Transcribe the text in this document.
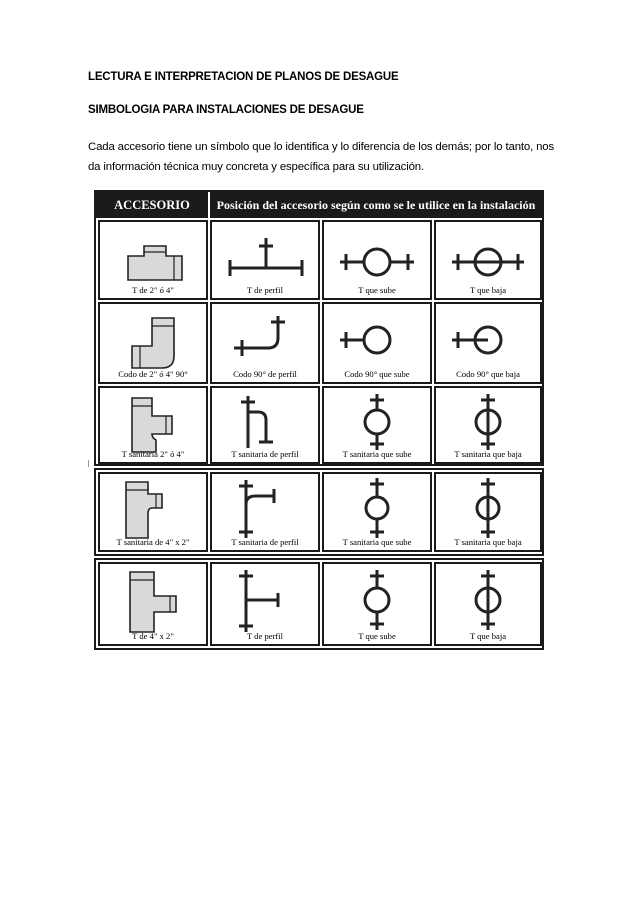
LECTURA E INTERPRETACION DE PLANOS DE DESAGUE
SIMBOLOGIA PARA INSTALACIONES DE DESAGUE
Cada accesorio tiene un símbolo que lo identifica y lo diferencia de los demás; por lo tanto, nos da información técnica muy concreta y específica para su utilización.
ACCESORIO	Posición del accesorio según como se le utilice en la instalación
T de 2" ó 4"	T de perfil	T que sube	T que baja
Codo de 2" ó 4" 90°	Codo 90° de perfil	Codo 90° que sube	Codo 90° que baja
T sanitaria 2" ó 4"	T sanitaria de perfil	T sanitaria que sube	T sanitaria que baja
T sanitaria de 4" x 2"	T sanitaria de perfil	T sanitaria que sube	T sanitaria que baja
T de 4" x 2"	T de perfil	T que sube	T que baja
